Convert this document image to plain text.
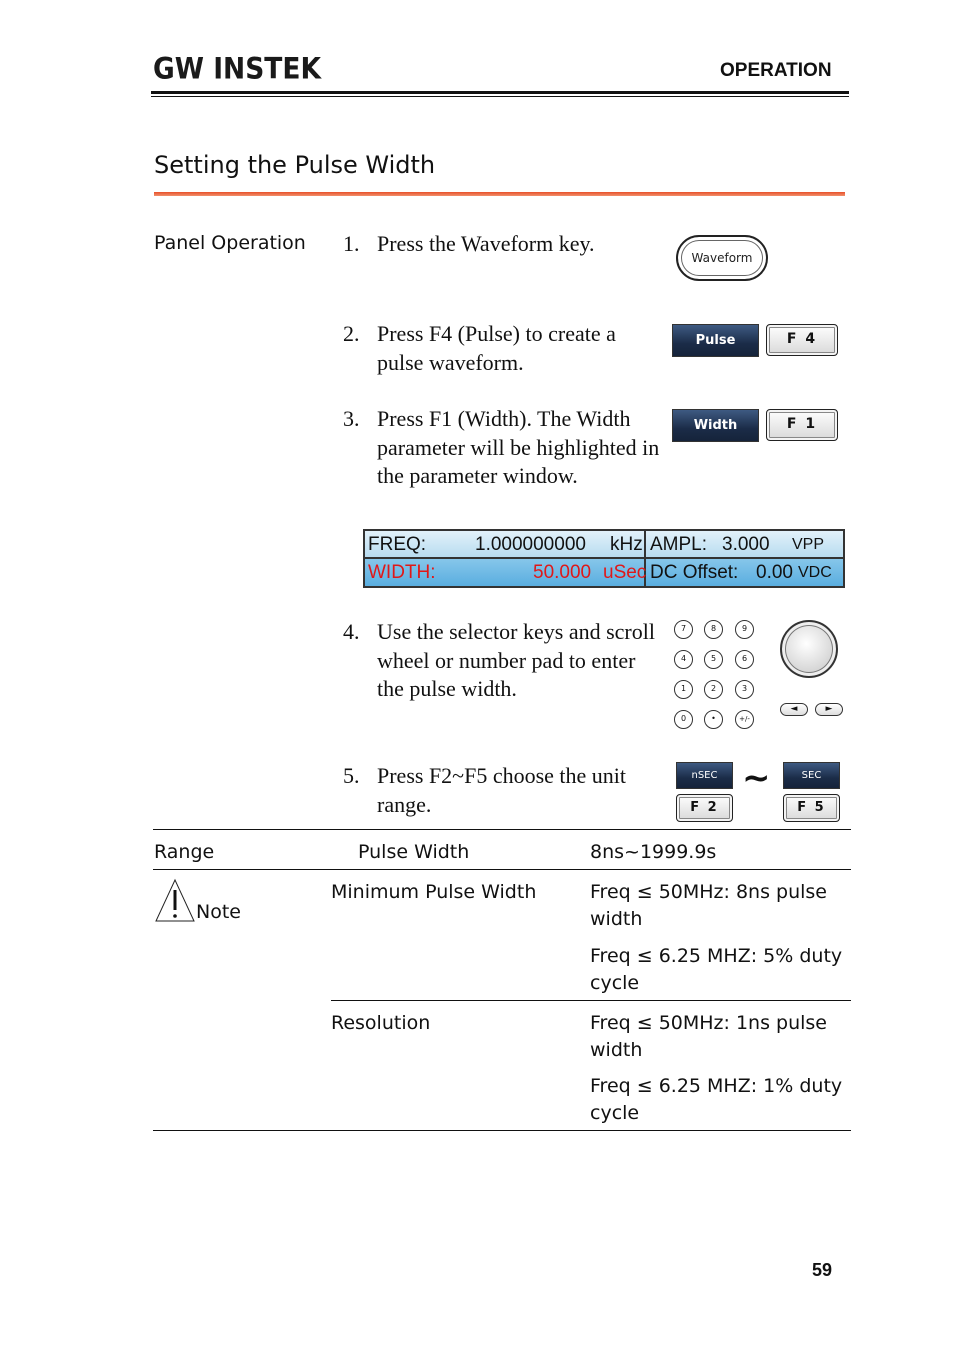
GW INSTEK	OPERATION
Setting the Pulse Width
Panel Operation 1. Press the Waveform key.
2. Press F4 (Pulse) to create a pulse waveform.
3. Press F1 (Width). The Width parameter will be highlighted in the parameter window.
4. Use the selector keys and scroll wheel or number pad to enter the pulse width.
5. Press F2~F5 choose the unit range.
Waveform
Pulse	F 4
Width	F 1
FREQ:	1.000000000 kHz AMPL: 3.000 VPP
WIDTH:	50.000 uSec DC Offset: 0.00 VDC
7	8	9
4	5	6
1	2	3
0	•	+/-
◄	►
nSEC
F 2
~	SEC
F 5
Range	Pulse Width	8ns~1999.9s
Note
Minimum Pulse Width	Freq ≤ 50MHz: 8ns pulse width
Freq ≤ 6.25 MHZ: 5% duty cycle
Resolution	Freq ≤ 50MHz: 1ns pulse width
Freq ≤ 6.25 MHZ: 1% duty cycle
59
